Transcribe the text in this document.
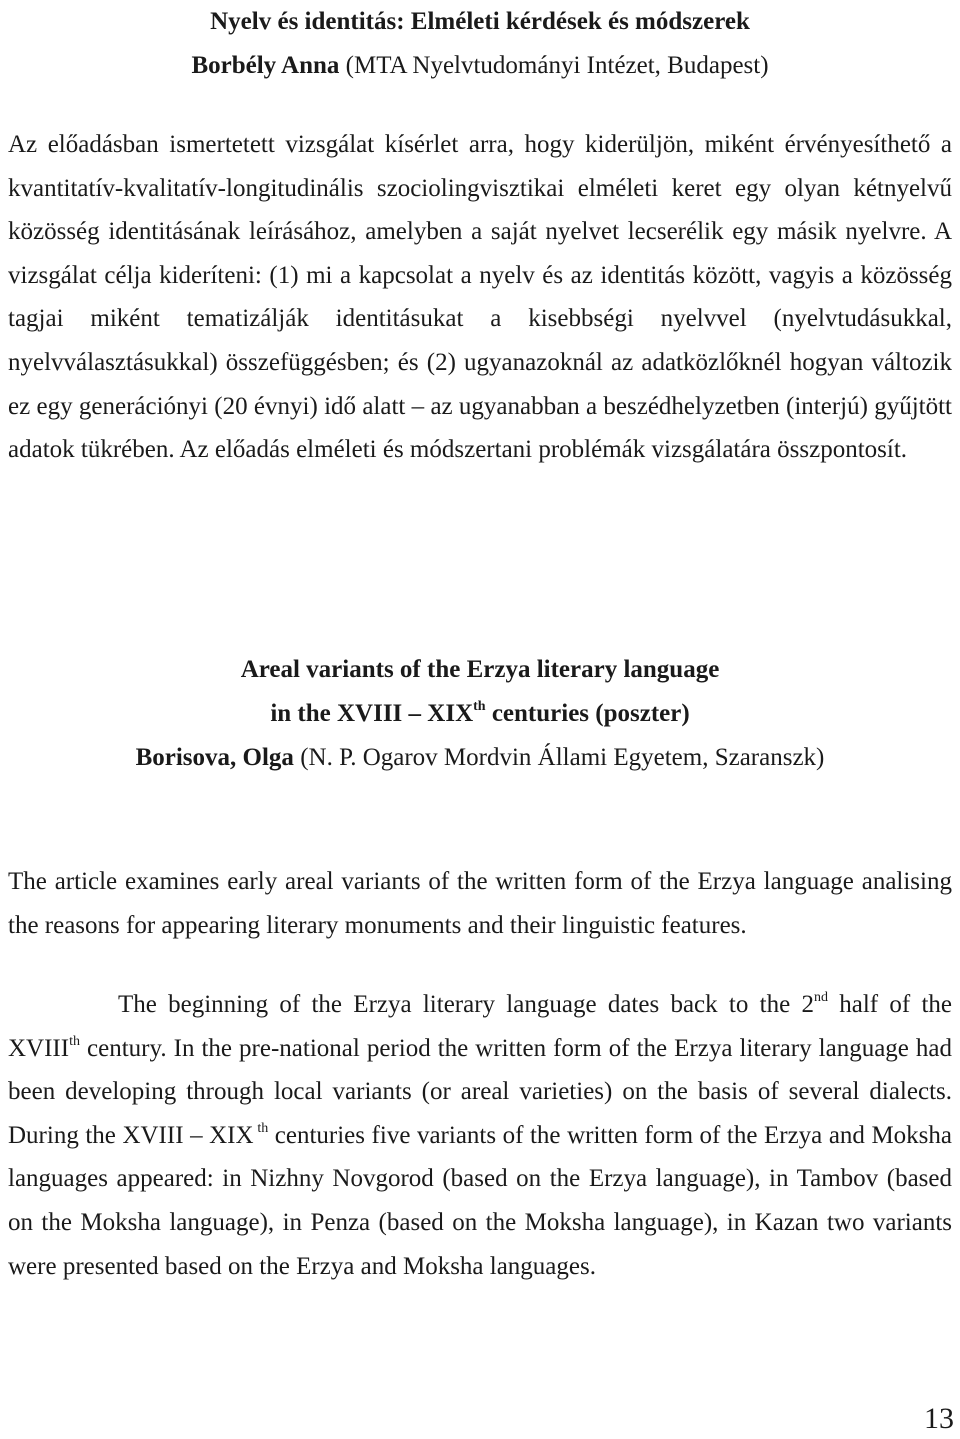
Nyelv és identitás: Elméleti kérdések és módszerek
Borbély Anna (MTA Nyelvtudományi Intézet, Budapest)

Az előadásban ismertetett vizsgálat kísérlet arra, hogy kiderüljön, miként érvényesíthető a kvantitatív-kvalitatív-longitudinális szociolingvisztikai elméleti keret egy olyan kétnyelvű közösség identitásának leírásához, amelyben a saját nyelvet lecserélik egy másik nyelvre. A vizsgálat célja kideríteni: (1) mi a kapcsolat a nyelv és az identitás között, vagyis a közösség tagjai miként tematizálják identitásukat a kisebbségi nyelvvel (nyelvtudásukkal, nyelvválasztásukkal) összefüggésben; és (2) ugyanazoknál az adatközlőknél hogyan változik ez egy generációnyi (20 évnyi) idő alatt – az ugyanabban a beszédhelyzetben (interjú) gyűjtött adatok tükrében. Az előadás elméleti és módszertani problémák vizsgálatára összpontosít.

Areal variants of the Erzya literary language
in the XVIII – XIXth centuries (poszter)
Borisova, Olga (N. P. Ogarov Mordvin Állami Egyetem, Szaranszk)

The article examines early areal variants of the written form of the Erzya language analising the reasons for appearing literary monuments and their linguistic features.

The beginning of the Erzya literary language dates back to the 2nd half of the XVIIIth century. In the pre-national period the written form of the Erzya literary language had been developing through local variants (or areal varieties) on the basis of several dialects. During the XVIII – XIX $^{th}$ centuries five variants of the written form of the Erzya and Moksha languages appeared: in Nizhny Novgorod (based on the Erzya language), in Tambov (based on the Moksha language), in Penza (based on the Moksha language), in Kazan two variants were presented based on the Erzya and Moksha languages.

13
